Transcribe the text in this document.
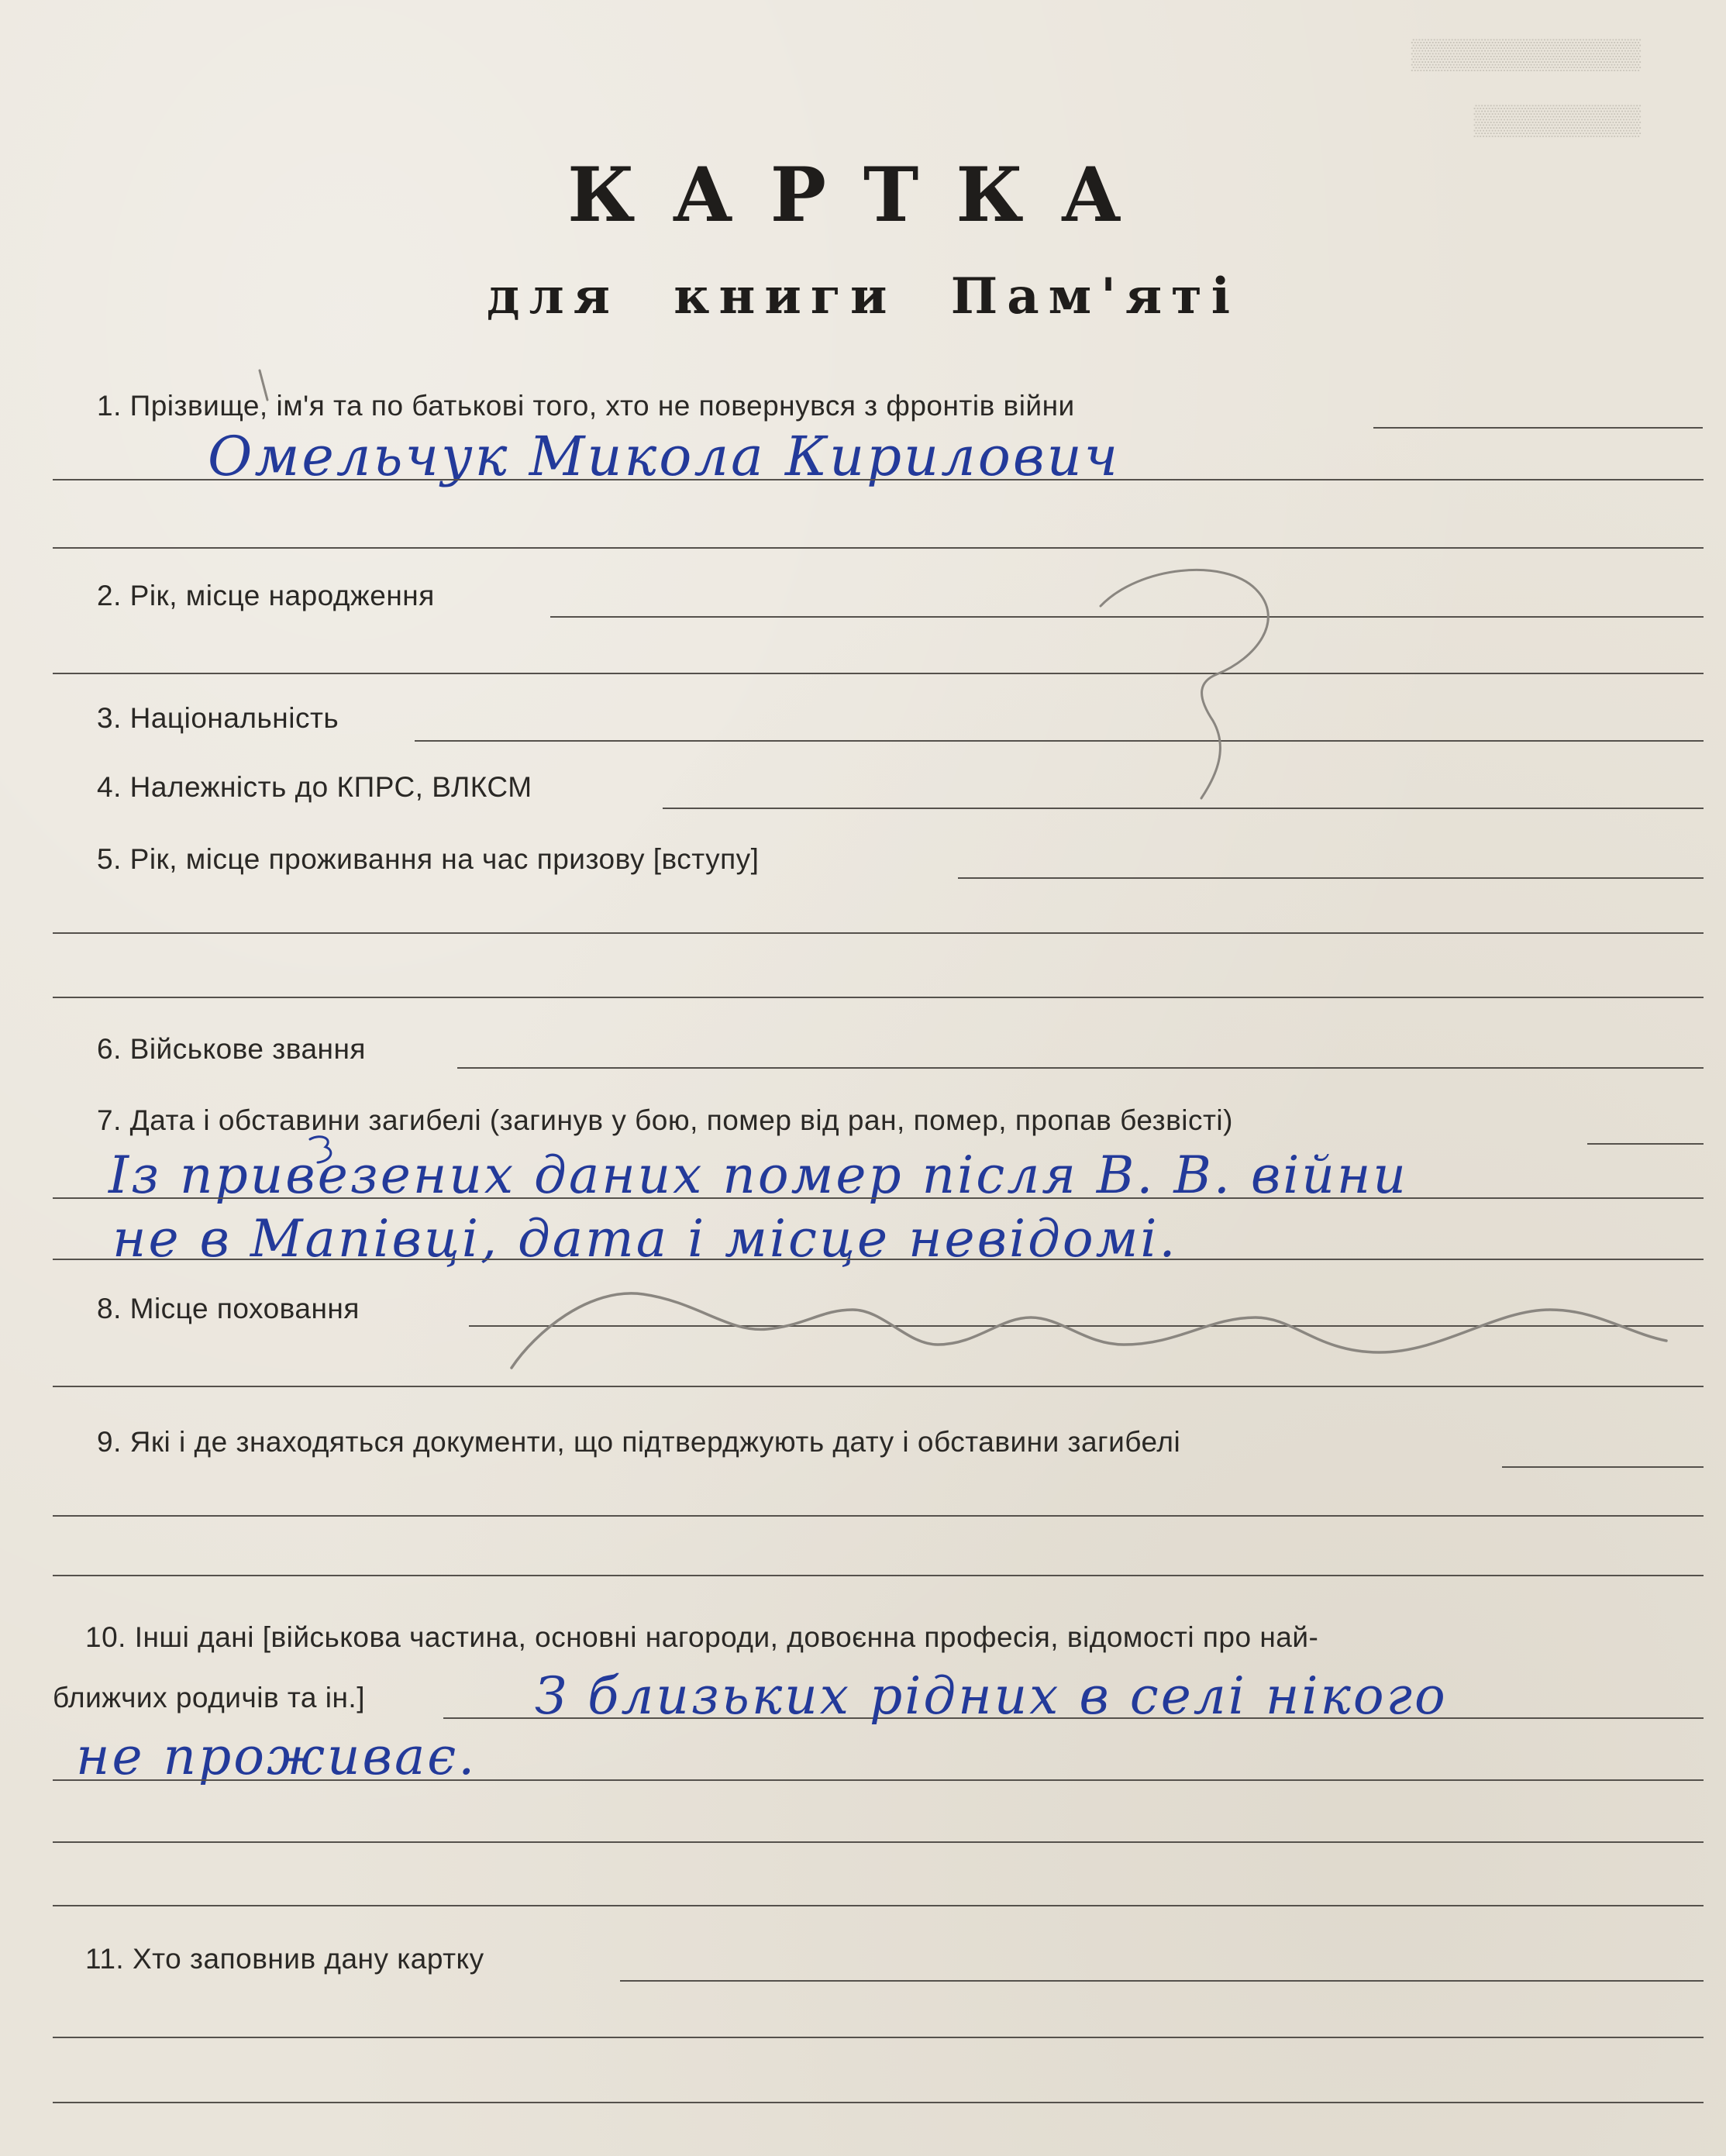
▒▒▒▒▒▒▒▒▒▒▒
▒▒▒▒▒▒▒▒
КАРТКА
для книги Пам'яті
1. Прізвище, ім'я та по батькові того, хто не повернувся з фронтів війни
Омельчук Микола Кирилович
2. Рік, місце народження
3. Національність
4. Належність до КПРС, ВЛКСМ
5. Рік, місце проживання на час призову [вступу]
6. Військове звання
7. Дата і обставини загибелі (загинув у бою, помер від ран, помер, пропав безвісті)
Із привезених даних помер після В. В. війни
не в Мапівці, дата і місце невідомі.
8. Місце поховання
9. Які і де знаходяться документи, що підтверджують дату і обставини загибелі
10. Інші дані [військова частина, основні нагороди, довоєнна професія, відомості про най-
ближчих родичів та ін.]	З близьких рідних в селі нікого
не проживає.
11. Хто заповнив дану картку
